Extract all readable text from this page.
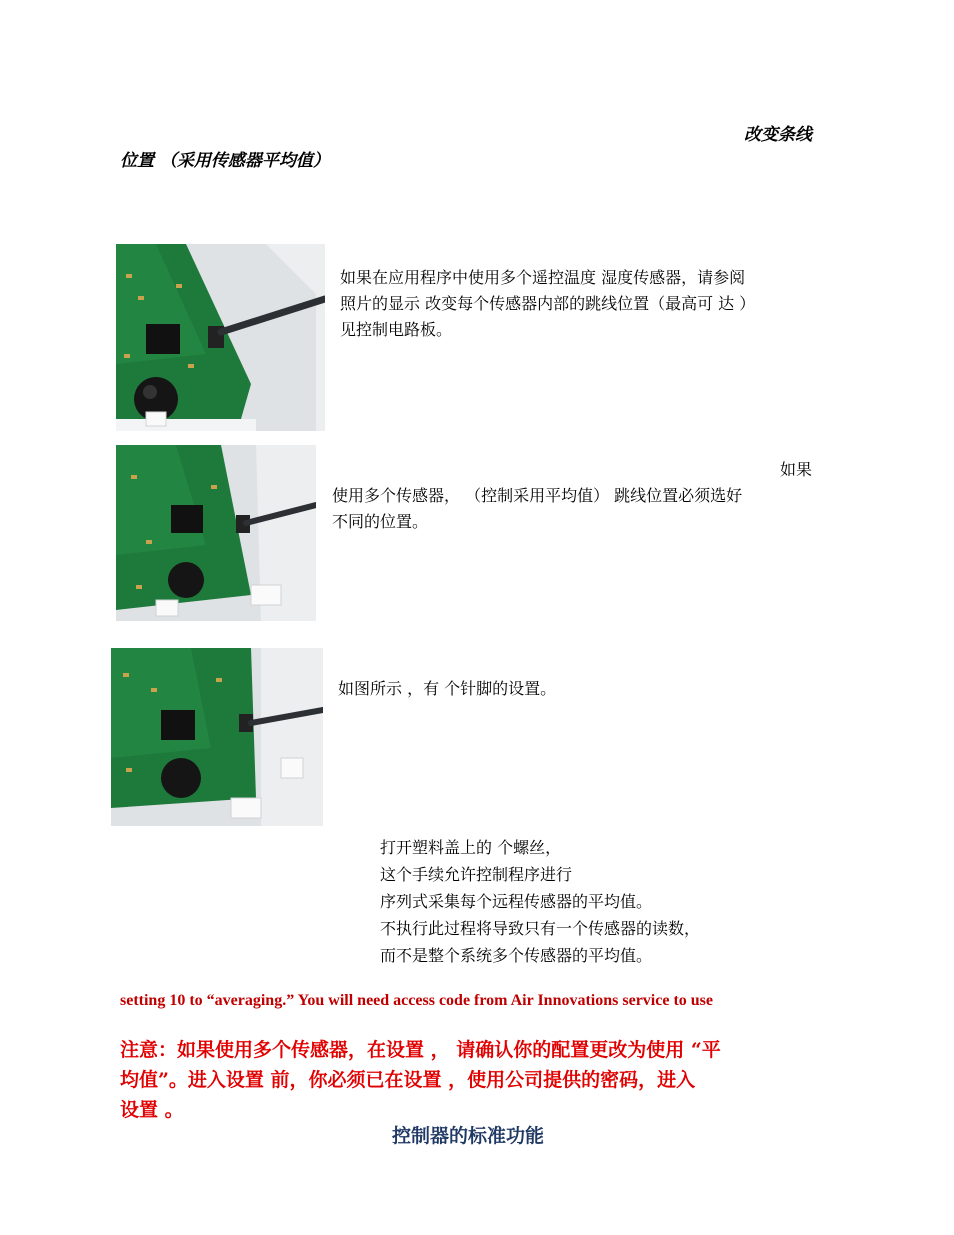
改变条线
位置 （采用传感器平均值）
如果在应用程序中使用多个遥控温度 湿度传感器，请参阅
照片的显示 改变每个传感器内部的跳线位置（最高可 达 ）
见控制电路板。
如果
使用多个传感器， （控制采用平均值） 跳线位置必须选好
不同的位置。
如图所示 ，有 个针脚的设置。
打开塑料盖上的 个螺丝，
这个手续允许控制程序进行
序列式采集每个远程传感器的平均值。
不执行此过程将导致只有一个传感器的读数，
而不是整个系统多个传感器的平均值。
setting 10 to “averaging.” You will need access code from Air Innovations service to use
注意：如果使用多个传感器，在设置 ， 请确认你的配置更改为使用 “平
均值”。进入设置 前，你必须已在设置 ，使用公司提供的密码，进入
设置 。
控制器的标准功能
